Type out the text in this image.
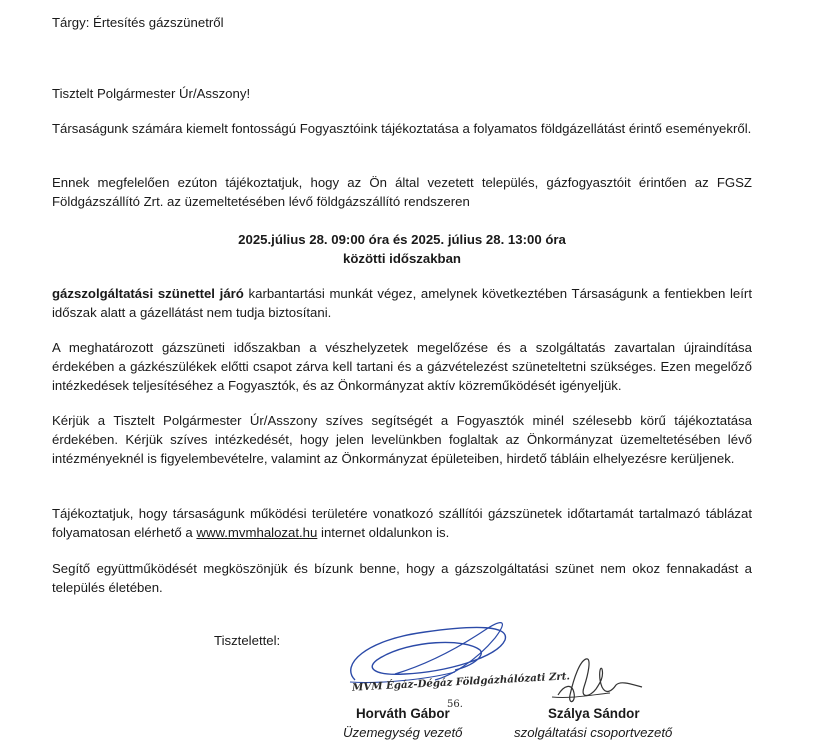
Tárgy: Értesítés gázszünetről
Tisztelt Polgármester Úr/Asszony!
Társaságunk számára kiemelt fontosságú Fogyasztóink tájékoztatása a folyamatos földgázellátást érintő eseményekről.
Ennek megfelelően ezúton tájékoztatjuk, hogy az Ön által vezetett település, gázfogyasztóit érintően az FGSZ Földgázszállító Zrt. az üzemeltetésében lévő földgázszállító rendszeren
2025.július 28. 09:00 óra és 2025. július 28. 13:00 óra
közötti időszakban
gázszolgáltatási szünettel járó karbantartási munkát végez, amelynek következtében Társaságunk a fentiekben leírt időszak alatt a gázellátást nem tudja biztosítani.
A meghatározott gázszüneti időszakban a vészhelyzetek megelőzése és a szolgáltatás zavartalan újraindítása érdekében a gázkészülékek előtti csapot zárva kell tartani és a gázvételezést szüneteltetni szükséges. Ezen megelőző intézkedések teljesítéséhez a Fogyasztók, és az Önkormányzat aktív közreműködését igényeljük.
Kérjük a Tisztelt Polgármester Úr/Asszony szíves segítségét a Fogyasztók minél szélesebb körű tájékoztatása érdekében. Kérjük szíves intézkedését, hogy jelen levelünkben foglaltak az Önkormányzat üzemeltetésében lévő intézményeknél is figyelembevételre, valamint az Önkormányzat épületeiben, hirdető tábláin elhelyezésre kerüljenek.
Tájékoztatjuk, hogy társaságunk működési területére vonatkozó szállítói gázszünetek időtartamát tartalmazó táblázat folyamatosan elérhető a www.mvmhalozat.hu internet oldalunkon is.
Segítő együttműködését megköszönjük és bízunk benne, hogy a gázszolgáltatási szünet nem okoz fennakadást a település életében.
Tisztelettel:
MVM Égáz-Dégáz Földgázhálózati Zrt.
56.
Horváth Gábor
Üzemegység vezető
Szálya Sándor
szolgáltatási csoportvezető
